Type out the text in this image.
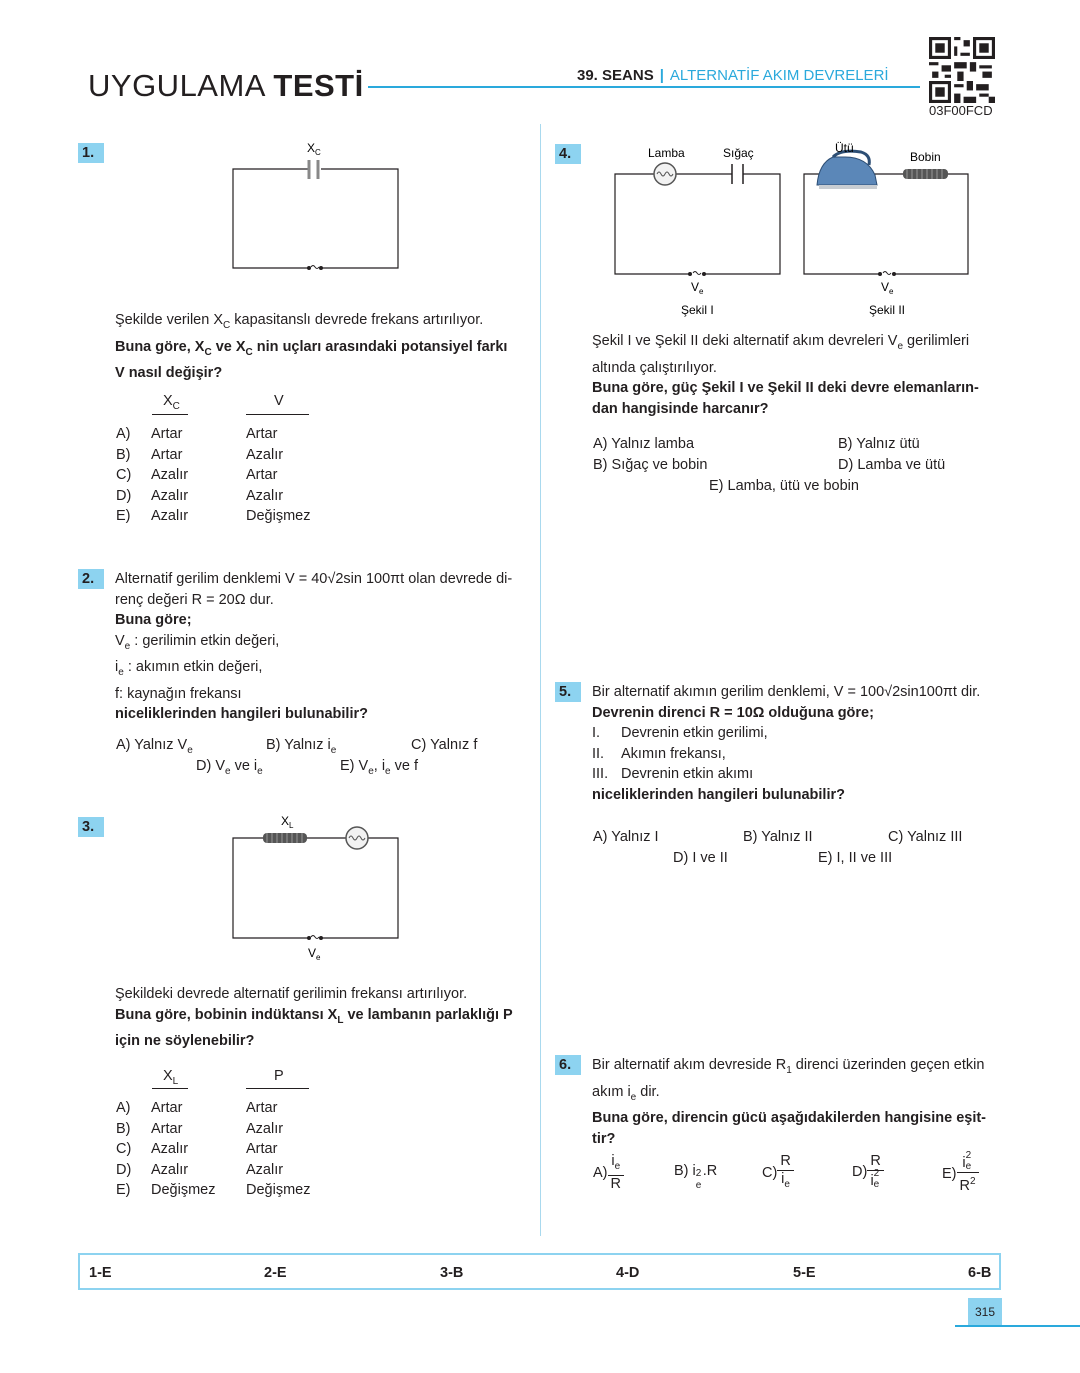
UYGULAMA TESTİ	39. SEANS | ALTERNATİF AKIM DEVRELERİ
03F00FCD
1.	X C
Şekilde verilen $X_C$ kapasitanslı devrede frekans artırılıyor.
Buna göre, $X_C$ ve $X_C$ nin uçları arasındaki potansiyel farkı
V nasıl değişir?
$X_C$	V
A)	Artar	Artar
B)	Artar	Azalır
C)	Azalır	Artar
D)	Azalır	Azalır
E)	Azalır	Değişmez
2.	Alternatif gerilim denklemi V = 40√2sin 100πt olan devrede di-
renç değeri R = 20Ω dur.
Buna göre;
$V_e$ : gerilimin etkin değeri,
$i_e$ : akımın etkin değeri,
f: kaynağın frekansı
niceliklerinden hangileri bulunabilir?
A) Yalnız $V_e$	B) Yalnız $i_e$	C) Yalnız f
D) $V_e$ ve $i_e$	E) $V_e$, $i_e$ ve f
3.	X L
V e
Şekildeki devrede alternatif gerilimin frekansı artırılıyor.
Buna göre, bobinin indüktansı $X_L$ ve lambanın parlaklığı P
için ne söylenebilir?
$X_L$	P
A)	Artar	Artar
B)	Artar	Azalır
C)	Azalır	Artar
D)	Azalır	Azalır
E)	Değişmez	Değişmez
4.	Lamba	Sığaç
V e
Şekil I
Ütü
Bobin
V e
Şekil II
Şekil I ve Şekil II deki alternatif akım devreleri $V_e$ gerilimleri
altında çalıştırılıyor.
Buna göre, güç Şekil I ve Şekil II deki devre elemanların-
dan hangisinde harcanır?
A) Yalnız lamba	B) Yalnız ütü
B) Sığaç ve bobin	D) Lamba ve ütü
E) Lamba, ütü ve bobin
5.	Bir alternatif akımın gerilim denklemi, V = 100√2sin100πt dir.
Devrenin direnci R = 10Ω olduğuna göre;
I.	Devrenin etkin gerilimi,
II.	Akımın frekansı,
III. Devrenin etkin akımı
niceliklerinden hangileri bulunabilir?
A) Yalnız I	B) Yalnız II	C) Yalnız III
D) I ve II	E) I, II ve III
6.	Bir alternatif akım devreside $R_1$ direnci üzerinden geçen etkin
akım $i_e$ dir.
Buna göre, direncin gücü aşağıdakilerden hangisine eşit-
tir?
$A) \frac{i_e}{R}$	B) i 2
e
.R	$C) \frac{R}{i_e}$	D) R
i 2
e	E) i 2
e
$R^2$
1-E	2-E	3-B	4-D	5-E	6-B
315
